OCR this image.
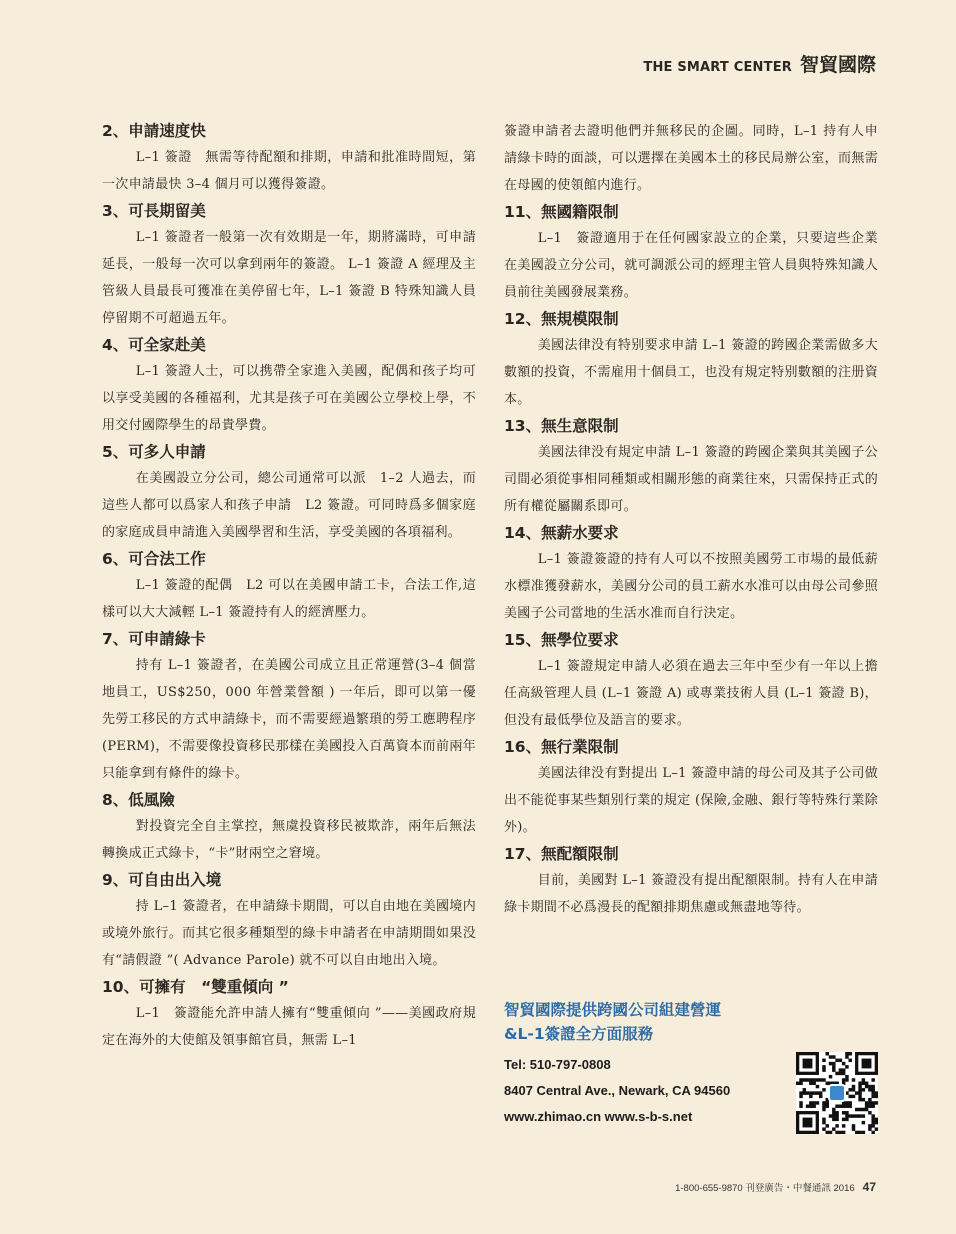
THE SMART CENTER 智貿國際
2、申請速度快

L–1 簽證　無需等待配額和排期，申請和批准時間短，第一次申請最快 3–4 個月可以獲得簽證。

3、可長期留美

L–1 簽證者一般第一次有效期是一年，期將滿時，可申請延長，一般每一次可以拿到兩年的簽證。 L–1 簽證 A 經理及主管級人員最長可獲准在美停留七年，L–1 簽證 B 特殊知識人員停留期不可超過五年。

4、可全家赴美

L–1 簽證人士，可以携帶全家進入美國，配偶和孩子均可以享受美國的各種福利，尤其是孩子可在美國公立學校上學，不用交付國際學生的昂貴學費。

5、可多人申請

在美國設立分公司，總公司通常可以派　1–2 人過去，而這些人都可以爲家人和孩子申請　L2 簽證。可同時爲多個家庭的家庭成員申請進入美國學習和生活，享受美國的各項福利。

6、可合法工作

L–1 簽證的配偶　L2 可以在美國申請工卡，合法工作,這樣可以大大減輕 L–1 簽證持有人的經濟壓力。

7、可申請綠卡

持有 L–1 簽證者，在美國公司成立且正常運營(3–4 個當地員工，US$250，000 年營業營額 ) 一年后，即可以第一優先勞工移民的方式申請綠卡，而不需要經過繁瑣的勞工應聘程序 (PERM)，不需要像投資移民那樣在美國投入百萬資本而前兩年只能拿到有條件的綠卡。

8、低風險

對投資完全自主掌控，無虞投資移民被欺詐，兩年后無法轉換成正式綠卡，“卡”財兩空之窘境。

9、可自由出入境

持 L–1 簽證者，在申請綠卡期間，可以自由地在美國境内或境外旅行。而其它很多種類型的綠卡申請者在申請期間如果没有“請假證 ”( Advance Parole) 就不可以自由地出入境。

10、可擁有　“雙重傾向 ”

L–1　簽證能允許申請人擁有“雙重傾向 ”——美國政府規定在海外的大使館及領事館官員，無需 L–1

簽證申請者去證明他們并無移民的企圖。同時，L–1 持有人申請綠卡時的面談，可以選擇在美國本土的移民局辦公室，而無需在母國的使領館内進行。

11、無國籍限制

L–1　簽證適用于在任何國家設立的企業，只要這些企業在美國設立分公司，就可調派公司的經理主管人員與特殊知識人員前往美國發展業務。

12、無規模限制

美國法律没有特别要求申請 L–1 簽證的跨國企業需做多大數額的投資，不需雇用十個員工，也没有規定特别數額的注册資本。

13、無生意限制

美國法律没有規定申請 L–1 簽證的跨國企業與其美國子公司間必須從事相同種類或相關形態的商業往來，只需保持正式的所有權從屬關系即可。

14、無薪水要求

L–1 簽證簽證的持有人可以不按照美國勞工市場的最低薪水標准獲發薪水，美國分公司的員工薪水水准可以由母公司參照美國子公司當地的生活水准而自行決定。

15、無學位要求

L–1 簽證規定申請人必須在過去三年中至少有一年以上擔任高級管理人員 (L–1 簽證 A) 或專業技術人員 (L–1 簽證 B)，但没有最低學位及語言的要求。

16、無行業限制

美國法律没有對提出 L–1 簽證申請的母公司及其子公司做出不能從事某些類别行業的規定 (保險,金融、銀行等特殊行業除外)。

17、無配額限制

目前，美國對 L–1 簽證没有提出配額限制。持有人在申請綠卡期間不必爲漫長的配額排期焦慮或無盡地等待。

智貿國際提供跨國公司組建營運
&L-1簽證全方面服務
Tel: 510-797-0808
8407 Central Ave., Newark, CA 94560
www.zhimao.cn www.s-b-s.net
1-800-655-9870 刊登廣告・中餐通訊 2016 47
